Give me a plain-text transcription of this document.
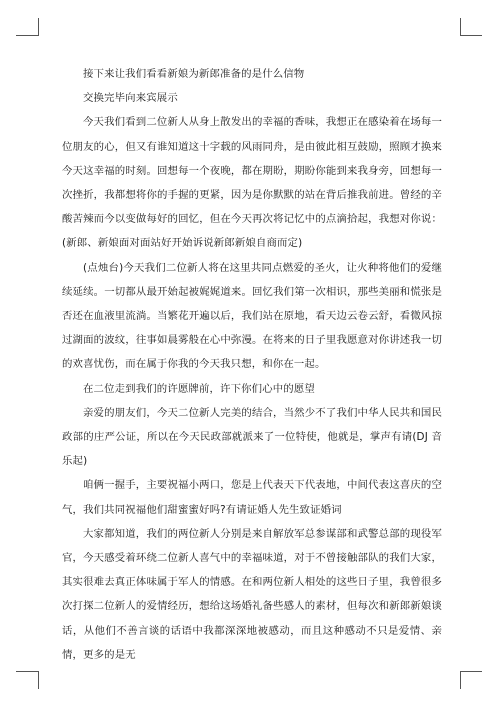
接下来让我们看看新娘为新郎准备的是什么信物

交换完毕向来宾展示

今天我们看到二位新人从身上散发出的幸福的香味，我想正在感染着在场每一位朋友的心，但又有谁知道这十字载的风雨同舟，是由彼此相互鼓励，照顾才换来今天这幸福的时刻。回想每一个夜晚，都在期盼，期盼你能到来我身旁，回想每一次挫折，我都想将你的手握的更紧，因为是你默默的站在背后推我前进。曾经的辛酸苦辣而今以变做每好的回忆，但在今天再次将记忆中的点滴拾起，我想对你说：(新郎、新娘面对面站好开始诉说新郎新娘自商而定)

(点烛台)今天我们二位新人将在这里共同点燃爱的圣火，让火种将他们的爱继续延续。一切都从最开始起被娓娓道来。回忆我们第一次相识，那些美丽和慌张是否还在血液里流淌。当繁花开遍以后，我们站在原地，看天边云卷云舒，看微风掠过湖面的波纹，往事如晨雾般在心中弥漫。在将来的日子里我愿意对你讲述我一切的欢喜忧伤，而在属于你我的今天我只想，和你在一起。

在二位走到我们的许愿牌前，许下你们心中的愿望

亲爱的朋友们，今天二位新人完美的结合，当然少不了我们中华人民共和国民政部的庄严公证，所以在今天民政部就派来了一位特使，他就是，掌声有请(DJ 音乐起)

咱俩一握手，主要祝福小两口，您是上代表天下代表地，中间代表这喜庆的空气，我们共同祝福他们甜蜜蜜好吗?有请证婚人先生致证婚词

大家都知道，我们的两位新人分别是来自解放军总参谋部和武警总部的现役军官，今天感受着环绕二位新人喜气中的幸福味道，对于不曾接触部队的我们大家，其实很难去真正体味属于军人的情感。在和两位新人相处的这些日子里，我曾很多次打探二位新人的爱情经历，想给这场婚礼备些感人的素材，但每次和新郎新娘谈话，从他们不善言谈的话语中我都深深地被感动，而且这种感动不只是爱情、亲情，更多的是无
